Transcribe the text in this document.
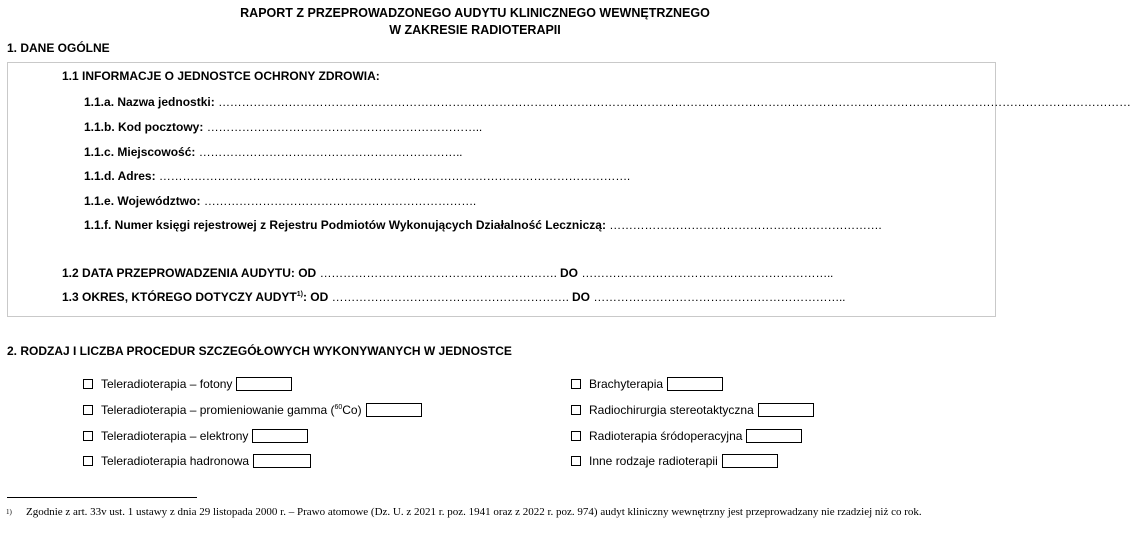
RAPORT Z PRZEPROWADZONEGO AUDYTU KLINICZNEGO WEWNĘTRZNEGO
W ZAKRESIE RADIOTERAPII
1. DANE OGÓLNE
1.1 INFORMACJE O JEDNOSTCE OCHRONY ZDROWIA:
1.1.a. Nazwa jednostki: ………………………………………………………………………………………………………………………………………………………………………………………………………………
1.1.b. Kod pocztowy: ……………………………………………………………..
1.1.c. Miejscowość: …………………………………………………………..
1.1.d. Adres: ………………………………………………………………………………………………………….
1.1.e. Województwo: …………………………………………………………….
1.1.f. Numer księgi rejestrowej z Rejestru Podmiotów Wykonujących Działalność Leczniczą: …………………………………………………………….
1.2 DATA PRZEPROWADZENIA AUDYTU: OD ……………………………………………………. DO ………………………………………………………..
1.3 OKRES, KTÓREGO DOTYCZY AUDYT$^{1)}$: OD ……………………………………………………. DO ………………………………………………………..
2. RODZAJ I LICZBA PROCEDUR SZCZEGÓŁOWYCH WYKONYWANYCH W JEDNOSTCE
Teleradioterapia – fotony
Teleradioterapia – promieniowanie gamma ($^{60}$Co)
Teleradioterapia – elektrony
Teleradioterapia hadronowa
Brachyterapia
Radiochirurgia stereotaktyczna
Radioterapia śródoperacyjna
Inne rodzaje radioterapii
$^{1)}$ Zgodnie z art. 33v ust. 1 ustawy z dnia 29 listopada 2000 r. – Prawo atomowe (Dz. U. z 2021 r. poz. 1941 oraz z 2022 r. poz. 974) audyt kliniczny wewnętrzny jest przeprowadzany nie rzadziej niż co rok.
